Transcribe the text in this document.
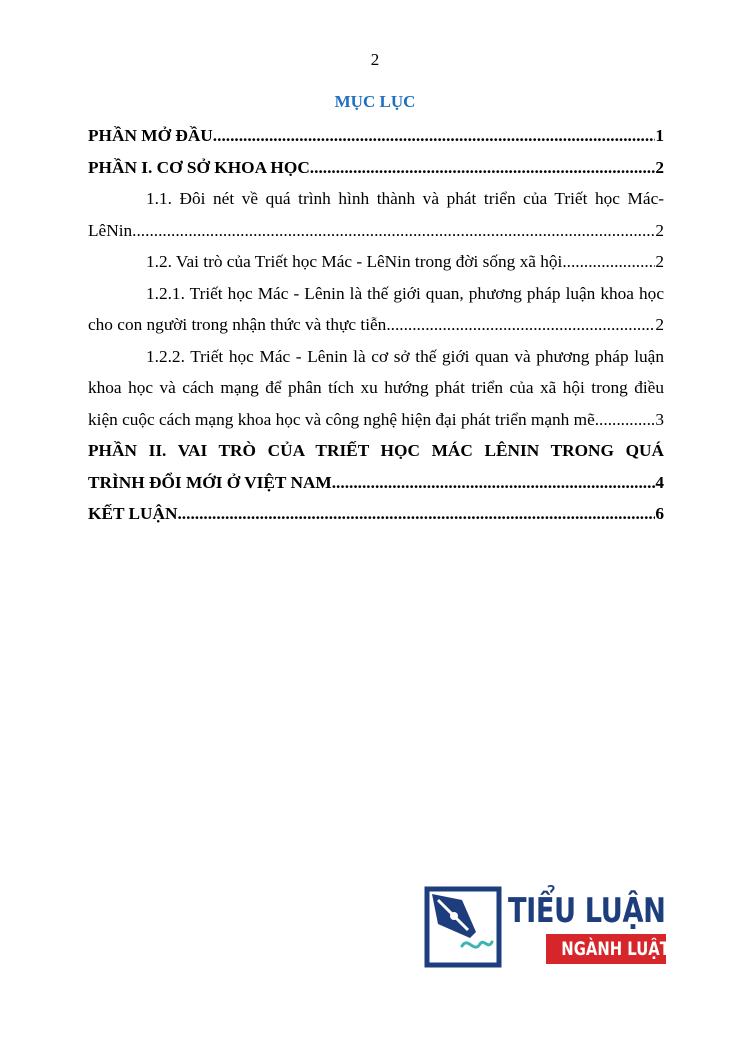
2
MỤC LỤC
PHẦN MỞ ĐẦU .....	1
PHẦN I. CƠ SỞ KHOA HỌC .....	2
1.1. Đôi nét về quá trình hình thành và phát triển của Triết học Mác-
LêNin .....	2
1.2. Vai trò của Triết học Mác - LêNin trong đời sống xã hội .....	2
1.2.1. Triết học Mác - Lênin là thế giới quan, phương pháp luận khoa học
cho con người trong nhận thức và thực tiễn .....	2
1.2.2. Triết học Mác - Lênin là cơ sở thế giới quan và phương pháp luận
khoa học và cách mạng để phân tích xu hướng phát triển của xã hội trong điều
kiện cuộc cách mạng khoa học và công nghệ hiện đại phát triển mạnh mẽ .....	3
PHẦN II. VAI TRÒ CỦA TRIẾT HỌC MÁC LÊNIN TRONG QUÁ
TRÌNH ĐỔI MỚI Ở VIỆT NAM .....	4
KẾT LUẬN .....	6
TIỂU LUẬN
NGÀNH LUẬT
